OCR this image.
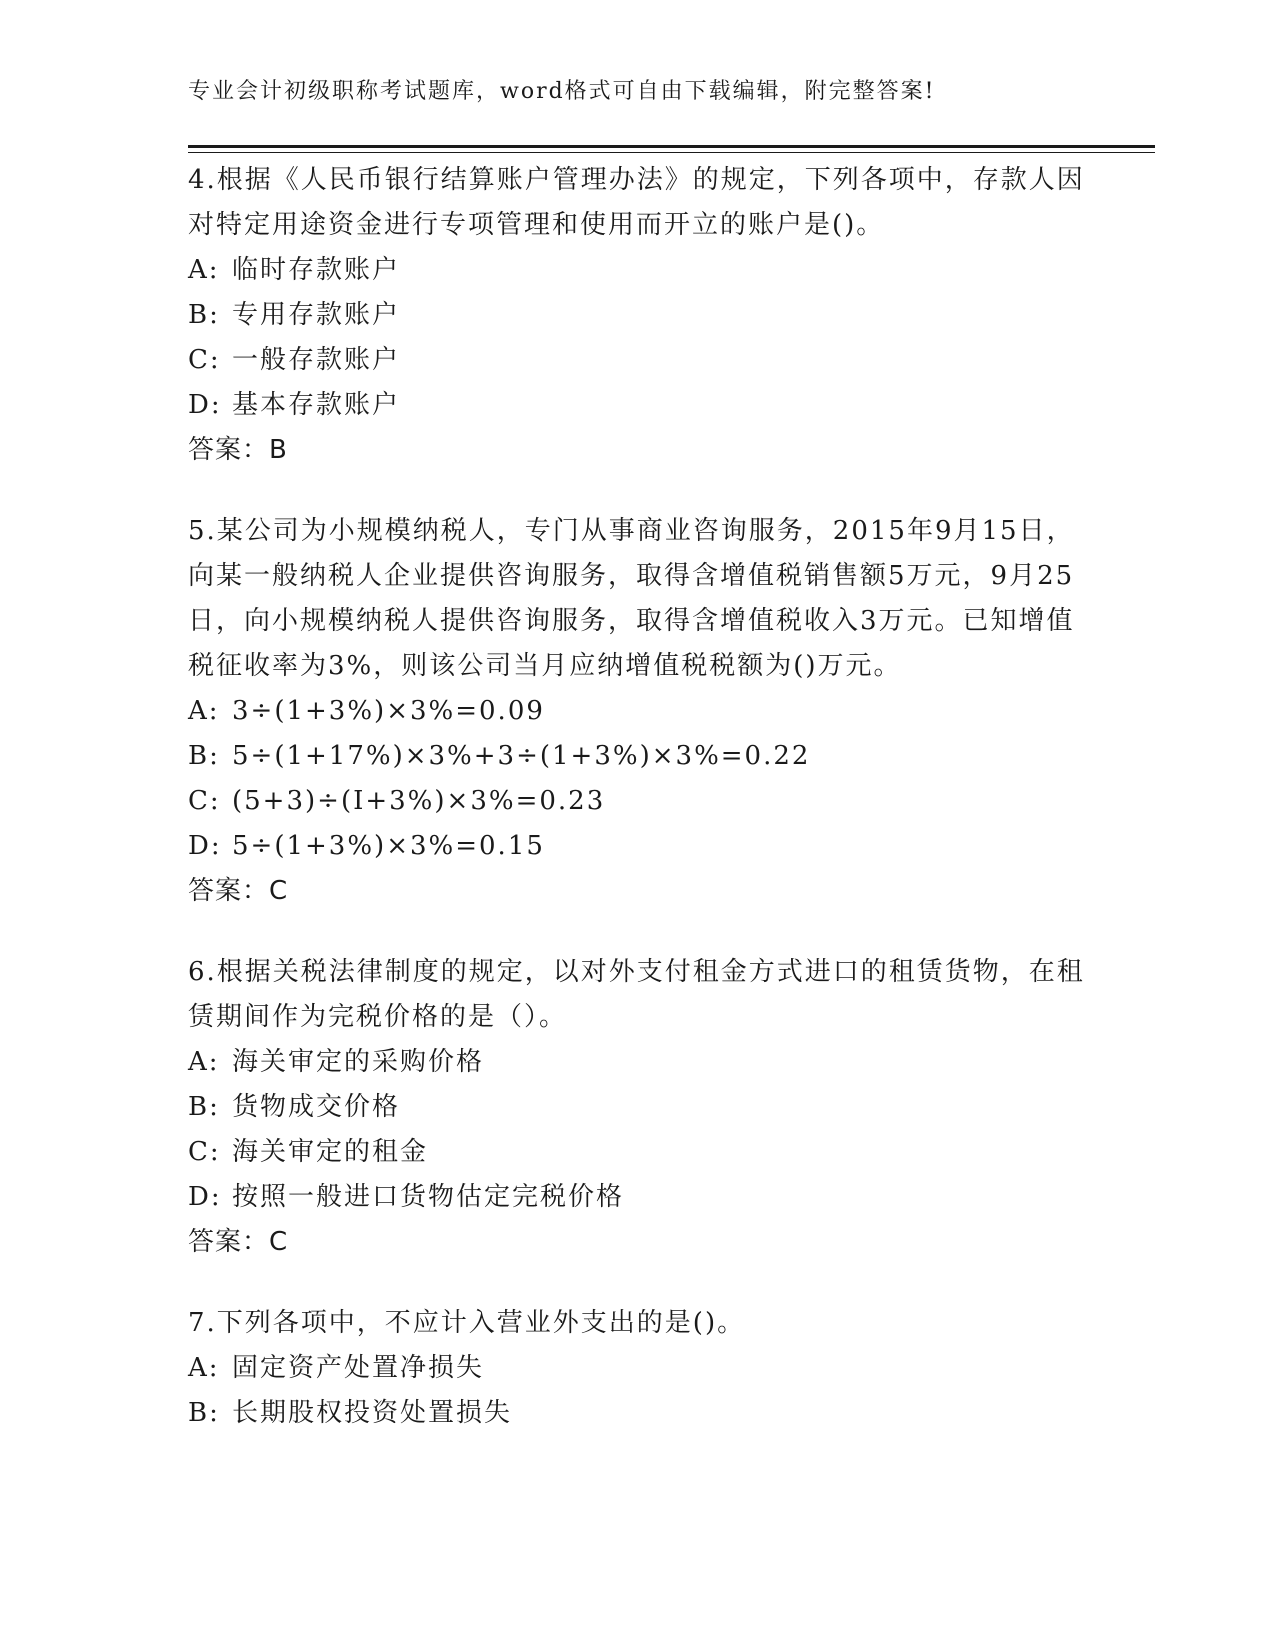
专业会计初级职称考试题库，word格式可自由下载编辑，附完整答案!

4.根据《人民币银行结算账户管理办法》的规定，下列各项中，存款人因对特定用途资金进行专项管理和使用而开立的账户是()。

A: 临时存款账户

B: 专用存款账户

C: 一般存款账户

D: 基本存款账户

答案：B

5.某公司为小规模纳税人，专门从事商业咨询服务，2015年9月15日，向某一般纳税人企业提供咨询服务，取得含增值税销售额5万元，9月25日，向小规模纳税人提供咨询服务，取得含增值税收入3万元。已知增值税征收率为3%，则该公司当月应纳增值税税额为()万元。

A: 3÷(1+3%)×3%=0.09

B: 5÷(1+17%)×3%+3÷(1+3%)×3%=0.22

C: (5+3)÷(I+3%)×3%=0.23

D: 5÷(1+3%)×3%=0.15

答案：C

6.根据关税法律制度的规定，以对外支付租金方式进口的租赁货物，在租赁期间作为完税价格的是（）。

A: 海关审定的采购价格

B: 货物成交价格

C: 海关审定的租金

D: 按照一般进口货物估定完税价格

答案：C

7.下列各项中，不应计入营业外支出的是()。

A: 固定资产处置净损失

B: 长期股权投资处置损失
